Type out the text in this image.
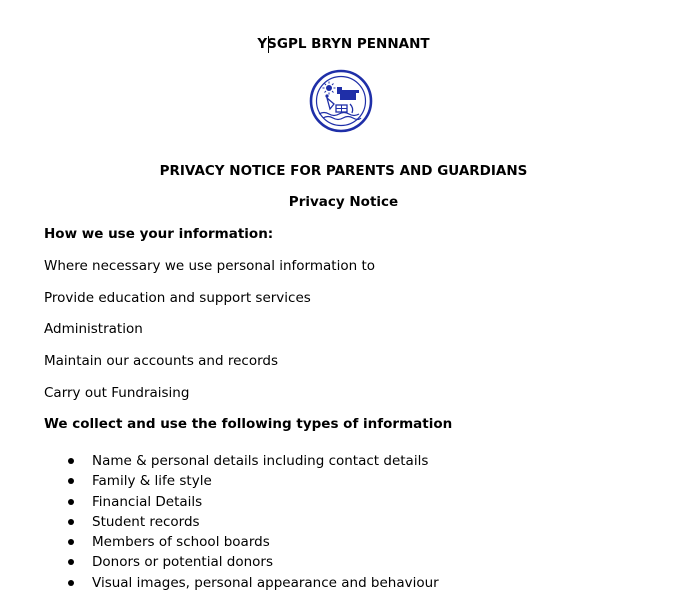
YSGPL BRYN PENNANT
PRIVACY NOTICE FOR PARENTS AND GUARDIANS
Privacy Notice
How we use your information:
Where necessary we use personal information to
Provide education and support services
Administration
Maintain our accounts and records
Carry out Fundraising
We collect and use the following types of information
Name & personal details including contact details
Family & life style
Financial Details
Student records
Members of school boards
Donors or potential donors
Visual images, personal appearance and behaviour
